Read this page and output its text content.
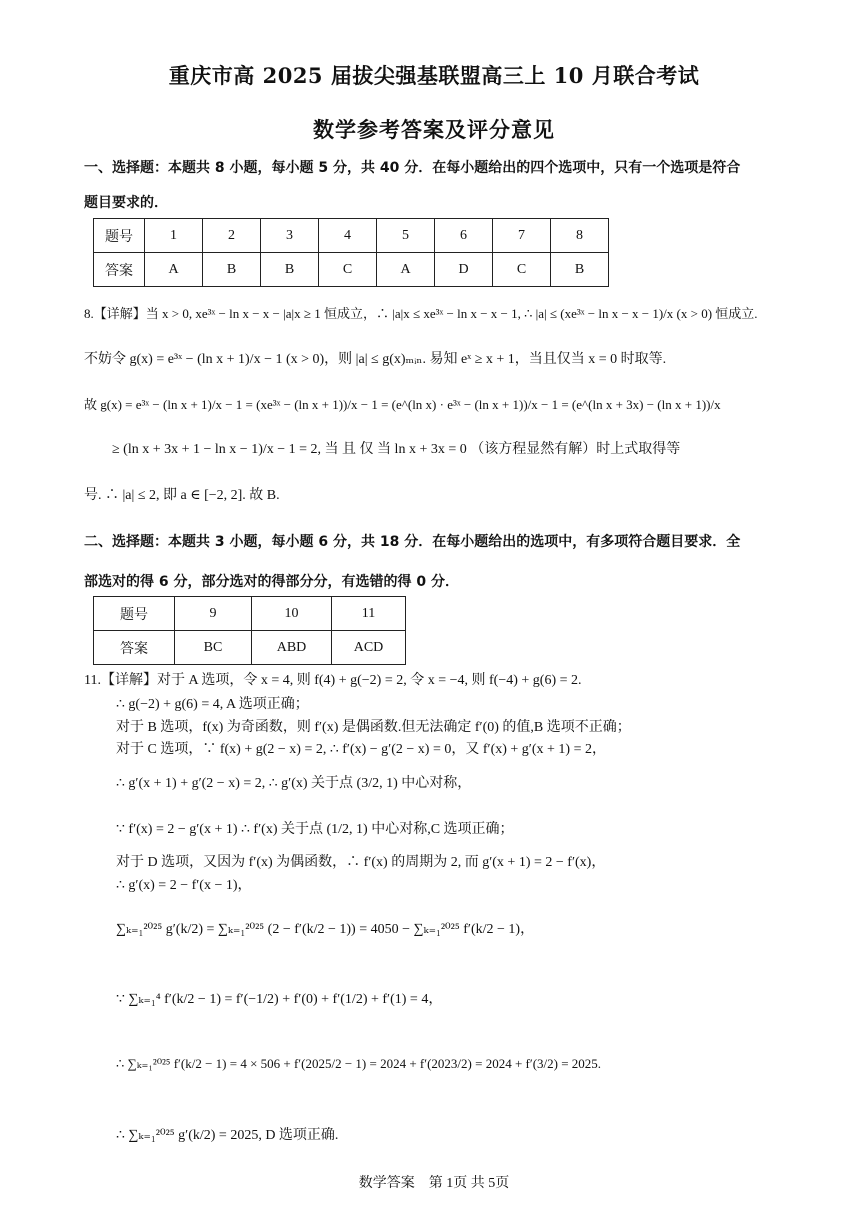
重庆市高 2025 届拔尖强基联盟高三上 10 月联合考试
数学参考答案及评分意见
一、选择题：本题共 8 小题，每小题 5 分，共 40 分．在每小题给出的四个选项中，只有一个选项是符合
题目要求的．
题号	1	2	3	4	5	6	7	8
答案	A	B	B	C	A	D	C	B
8.【详解】当 x > 0, xe³ˣ − ln x − x − |a|x ≥ 1 恒成立，∴ |a|x ≤ xe³ˣ − ln x − x − 1, ∴ |a| ≤ (xe³ˣ − ln x − x − 1)/x (x > 0) 恒成立.
不妨令 g(x) = e³ˣ − (ln x + 1)/x − 1 (x > 0)，则 |a| ≤ g(x)ₘᵢₙ. 易知 eˣ ≥ x + 1，当且仅当 x = 0 时取等.
故 g(x) = e³ˣ − (ln x + 1)/x − 1 = (xe³ˣ − (ln x + 1))/x − 1 = (e^(ln x) · e³ˣ − (ln x + 1))/x − 1 = (e^(ln x + 3x) − (ln x + 1))/x
≥ (ln x + 3x + 1 − ln x − 1)/x − 1 = 2, 当 且 仅 当 ln x + 3x = 0 （该方程显然有解）时上式取得等
号. ∴ |a| ≤ 2, 即 a ∈ [−2, 2]. 故 B.
二、选择题：本题共 3 小题，每小题 6 分，共 18 分．在每小题给出的选项中，有多项符合题目要求．全
部选对的得 6 分，部分选对的得部分分，有选错的得 0 分．
题号	9	10	11
答案	BC	ABD	ACD
11.【详解】对于 A 选项，令 x = 4, 则 f(4) + g(−2) = 2, 令 x = −4, 则 f(−4) + g(6) = 2.
∴ g(−2) + g(6) = 4, A 选项正确；
对于 B 选项，f(x) 为奇函数，则 f′(x) 是偶函数.但无法确定 f′(0) 的值,B 选项不正确；
对于 C 选项，∵ f(x) + g(2 − x) = 2, ∴ f′(x) − g′(2 − x) = 0，又 f′(x) + g′(x + 1) = 2，
∴ g′(x + 1) + g′(2 − x) = 2, ∴ g′(x) 关于点 (3/2, 1) 中心对称，
∵ f′(x) = 2 − g′(x + 1) ∴ f′(x) 关于点 (1/2, 1) 中心对称,C 选项正确；
对于 D 选项，又因为 f′(x) 为偶函数，∴ f′(x) 的周期为 2, 而 g′(x + 1) = 2 − f′(x)，
∴ g′(x) = 2 − f′(x − 1)，
∑ₖ₌₁²⁰²⁵ g′(k/2) = ∑ₖ₌₁²⁰²⁵ (2 − f′(k/2 − 1)) = 4050 − ∑ₖ₌₁²⁰²⁵ f′(k/2 − 1)，
∵ ∑ₖ₌₁⁴ f′(k/2 − 1) = f′(−1/2) + f′(0) + f′(1/2) + f′(1) = 4，
∴ ∑ₖ₌₁²⁰²⁵ f′(k/2 − 1) = 4 × 506 + f′(2025/2 − 1) = 2024 + f′(2023/2) = 2024 + f′(3/2) = 2025.
∴ ∑ₖ₌₁²⁰²⁵ g′(k/2) = 2025, D 选项正确.
数学答案　第 1页 共 5页
